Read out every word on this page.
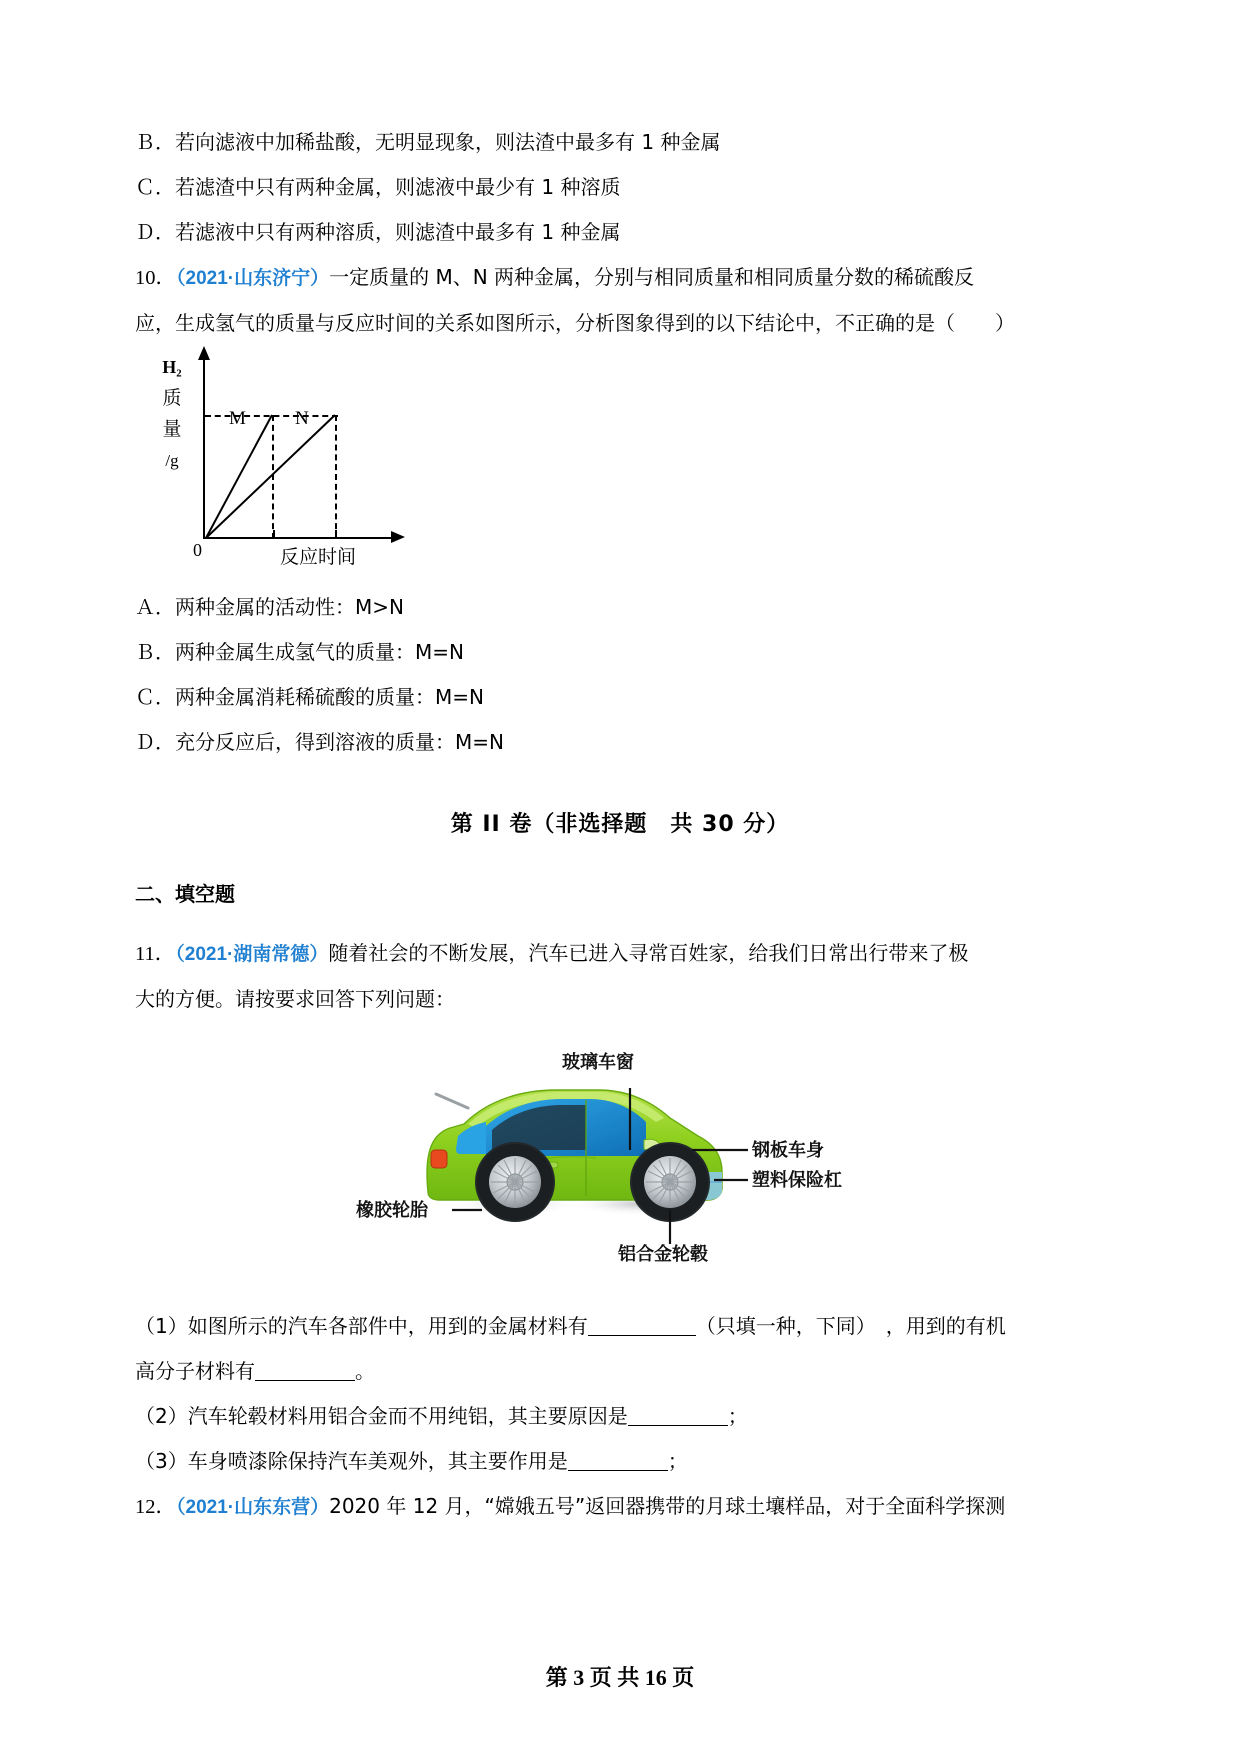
Ｂ．若向滤液中加稀盐酸，无明显现象，则法渣中最多有 1 种金属
Ｃ．若滤渣中只有两种金属，则滤液中最少有 1 种溶质
Ｄ．若滤液中只有两种溶质，则滤渣中最多有 1 种金属
10．（2021·山东济宁）一定质量的 M、N 两种金属，分别与相同质量和相同质量分数的稀硫酸反
应，生成氢气的质量与反应时间的关系如图所示，分析图象得到的以下结论中，不正确的是（　　）
H₂
质
量
/g
M	N
0	反应时间
Ａ．两种金属的活动性：M>N
Ｂ．两种金属生成氢气的质量：M=N
Ｃ．两种金属消耗稀硫酸的质量：M=N
Ｄ．充分反应后，得到溶液的质量：M=N
第 II 卷（非选择题　共 30 分）
二、填空题
11．（2021·湖南常德）随着社会的不断发展，汽车已进入寻常百姓家，给我们日常出行带来了极
大的方便。请按要求回答下列问题：
玻璃车窗
钢板车身
塑料保险杠
橡胶轮胎
铝合金轮毂
（1）如图所示的汽车各部件中，用到的金属材料有	（只填一种，下同）　，用到的有机
高分子材料有	。
（2）汽车轮毂材料用铝合金而不用纯铝，其主要原因是	；
（3）车身喷漆除保持汽车美观外，其主要作用是	；
12．（2021·山东东营）2020 年 12 月，“嫦娥五号”返回器携带的月球土壤样品，对于全面科学探测
第 3 页 共 16 页
